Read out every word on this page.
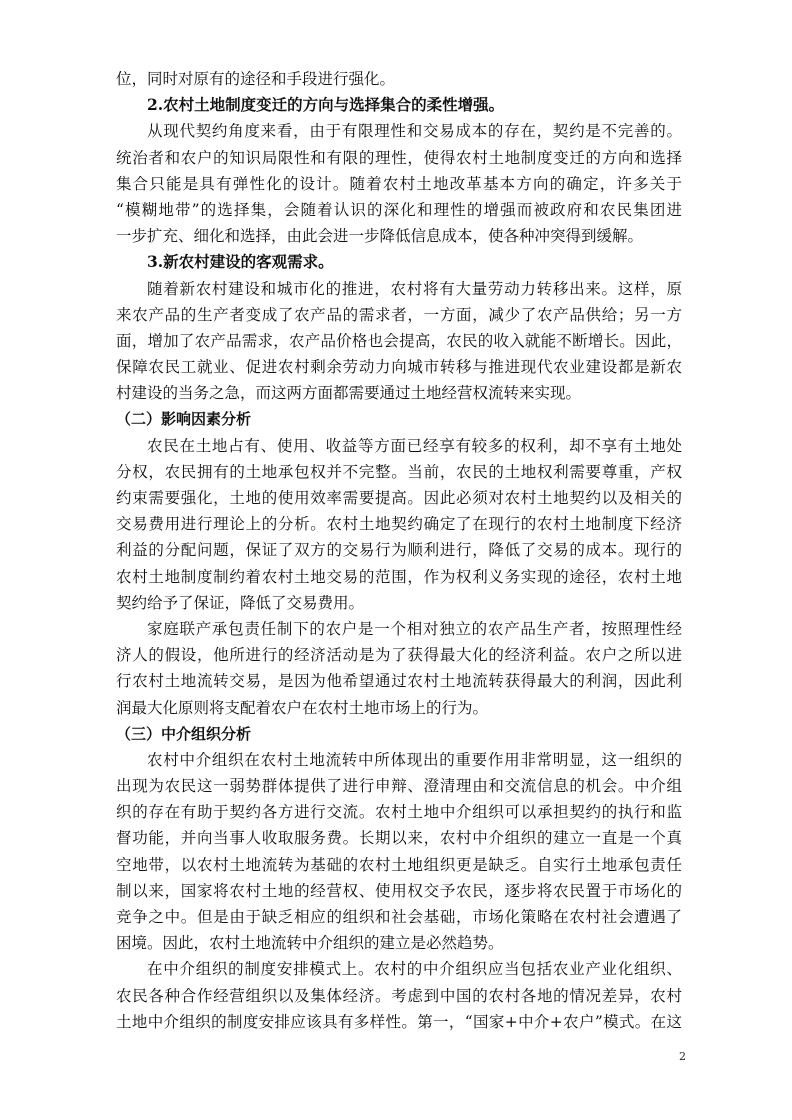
位，同时对原有的途径和手段进行强化。
2.农村土地制度变迁的方向与选择集合的柔性增强。
从现代契约角度来看，由于有限理性和交易成本的存在，契约是不完善的。
统治者和农户的知识局限性和有限的理性，使得农村土地制度变迁的方向和选择
集合只能是具有弹性化的设计。随着农村土地改革基本方向的确定，许多关于
“模糊地带”的选择集，会随着认识的深化和理性的增强而被政府和农民集团进
一步扩充、细化和选择，由此会进一步降低信息成本，使各种冲突得到缓解。
3.新农村建设的客观需求。
随着新农村建设和城市化的推进，农村将有大量劳动力转移出来。这样，原
来农产品的生产者变成了农产品的需求者，一方面，减少了农产品供给；另一方
面，增加了农产品需求，农产品价格也会提高，农民的收入就能不断增长。因此，
保障农民工就业、促进农村剩余劳动力向城市转移与推进现代农业建设都是新农
村建设的当务之急，而这两方面都需要通过土地经营权流转来实现。
（二）影响因素分析
农民在土地占有、使用、收益等方面已经享有较多的权利，却不享有土地处
分权，农民拥有的土地承包权并不完整。当前，农民的土地权利需要尊重，产权
约束需要强化，土地的使用效率需要提高。因此必须对农村土地契约以及相关的
交易费用进行理论上的分析。农村土地契约确定了在现行的农村土地制度下经济
利益的分配问题，保证了双方的交易行为顺利进行，降低了交易的成本。现行的
农村土地制度制约着农村土地交易的范围，作为权利义务实现的途径，农村土地
契约给予了保证，降低了交易费用。
家庭联产承包责任制下的农户是一个相对独立的农产品生产者，按照理性经
济人的假设，他所进行的经济活动是为了获得最大化的经济利益。农户之所以进
行农村土地流转交易，是因为他希望通过农村土地流转获得最大的利润，因此利
润最大化原则将支配着农户在农村土地市场上的行为。
（三）中介组织分析
农村中介组织在农村土地流转中所体现出的重要作用非常明显，这一组织的
出现为农民这一弱势群体提供了进行申辩、澄清理由和交流信息的机会。中介组
织的存在有助于契约各方进行交流。农村土地中介组织可以承担契约的执行和监
督功能，并向当事人收取服务费。长期以来，农村中介组织的建立一直是一个真
空地带，以农村土地流转为基础的农村土地组织更是缺乏。自实行土地承包责任
制以来，国家将农村土地的经营权、使用权交予农民，逐步将农民置于市场化的
竞争之中。但是由于缺乏相应的组织和社会基础，市场化策略在农村社会遭遇了
困境。因此，农村土地流转中介组织的建立是必然趋势。
在中介组织的制度安排模式上。农村的中介组织应当包括农业产业化组织、
农民各种合作经营组织以及集体经济。考虑到中国的农村各地的情况差异，农村
土地中介组织的制度安排应该具有多样性。第一，“国家+中介+农户”模式。在这
2
